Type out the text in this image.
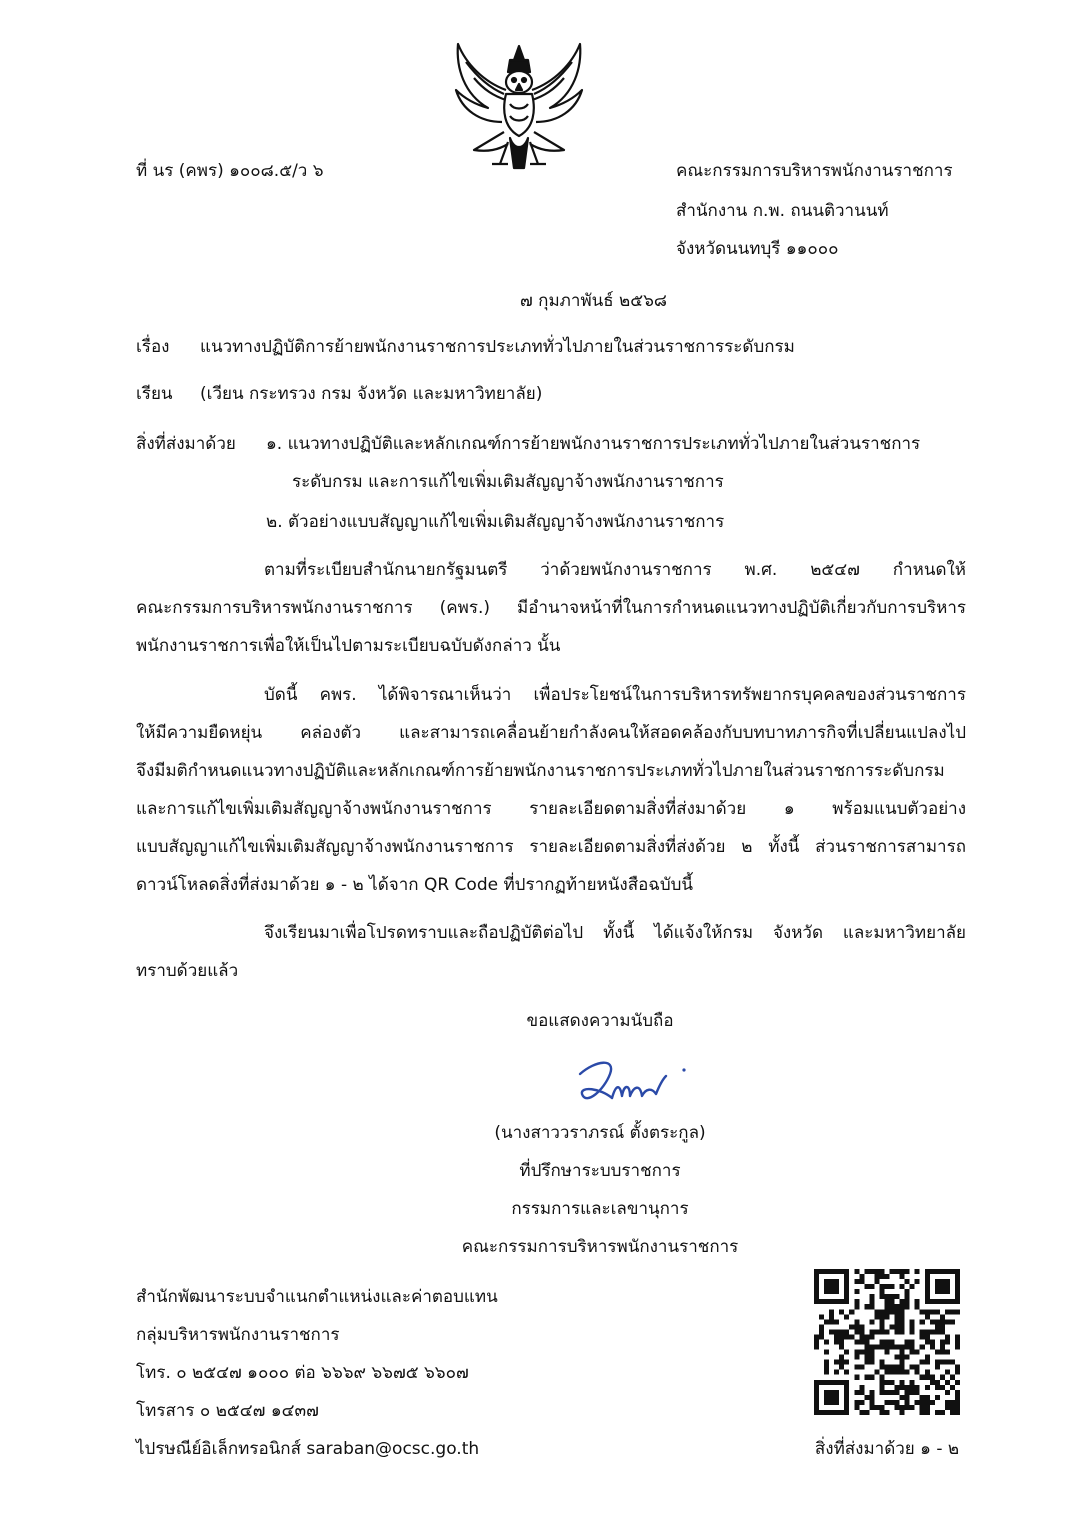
ที่ นร (คพร) ๑๐๐๘.๕/ว ๖	คณะกรรมการบริหารพนักงานราชการ
สำนักงาน ก.พ. ถนนติวานนท์
จังหวัดนนทบุรี ๑๑๐๐๐
๗ กุมภาพันธ์ ๒๕๖๘
เรื่อง แนวทางปฏิบัติการย้ายพนักงานราชการประเภททั่วไปภายในส่วนราชการระดับกรม
เรียน (เวียน กระทรวง กรม จังหวัด และมหาวิทยาลัย)
สิ่งที่ส่งมาด้วย ๑. แนวทางปฏิบัติและหลักเกณฑ์การย้ายพนักงานราชการประเภททั่วไปภายในส่วนราชการ
ระดับกรม และการแก้ไขเพิ่มเติมสัญญาจ้างพนักงานราชการ
๒. ตัวอย่างแบบสัญญาแก้ไขเพิ่มเติมสัญญาจ้างพนักงานราชการ
ตามที่ระเบียบสำนักนายกรัฐมนตรี ว่าด้วยพนักงานราชการ พ.ศ. ๒๕๔๗ กำหนดให้
คณะกรรมการบริหารพนักงานราชการ (คพร.) มีอำนาจหน้าที่ในการกำหนดแนวทางปฏิบัติเกี่ยวกับการบริหาร
พนักงานราชการเพื่อให้เป็นไปตามระเบียบฉบับดังกล่าว นั้น
บัดนี้ คพร. ได้พิจารณาเห็นว่า เพื่อประโยชน์ในการบริหารทรัพยากรบุคคลของส่วนราชการ
ให้มีความยืดหยุ่น คล่องตัว และสามารถเคลื่อนย้ายกำลังคนให้สอดคล้องกับบทบาทภารกิจที่เปลี่ยนแปลงไป
จึงมีมติกำหนดแนวทางปฏิบัติและหลักเกณฑ์การย้ายพนักงานราชการประเภททั่วไปภายในส่วนราชการระดับกรม
และการแก้ไขเพิ่มเติมสัญญาจ้างพนักงานราชการ รายละเอียดตามสิ่งที่ส่งมาด้วย ๑ พร้อมแนบตัวอย่าง
แบบสัญญาแก้ไขเพิ่มเติมสัญญาจ้างพนักงานราชการ รายละเอียดตามสิ่งที่ส่งด้วย ๒ ทั้งนี้ ส่วนราชการสามารถ
ดาวน์โหลดสิ่งที่ส่งมาด้วย ๑ - ๒ ได้จาก QR Code ที่ปรากฏท้ายหนังสือฉบับนี้
จึงเรียนมาเพื่อโปรดทราบและถือปฏิบัติต่อไป ทั้งนี้ ได้แจ้งให้กรม จังหวัด และมหาวิทยาลัย
ทราบด้วยแล้ว
ขอแสดงความนับถือ
(นางสาววราภรณ์ ตั้งตระกูล)
ที่ปรึกษาระบบราชการ
กรรมการและเลขานุการ
คณะกรรมการบริหารพนักงานราชการ
สำนักพัฒนาระบบจำแนกตำแหน่งและค่าตอบแทน
กลุ่มบริหารพนักงานราชการ
โทร. ๐ ๒๕๔๗ ๑๐๐๐ ต่อ ๖๖๖๙ ๖๖๗๕ ๖๖๐๗
โทรสาร ๐ ๒๕๔๗ ๑๔๓๗
ไปรษณีย์อิเล็กทรอนิกส์ saraban@ocsc.go.th	สิ่งที่ส่งมาด้วย ๑ - ๒
